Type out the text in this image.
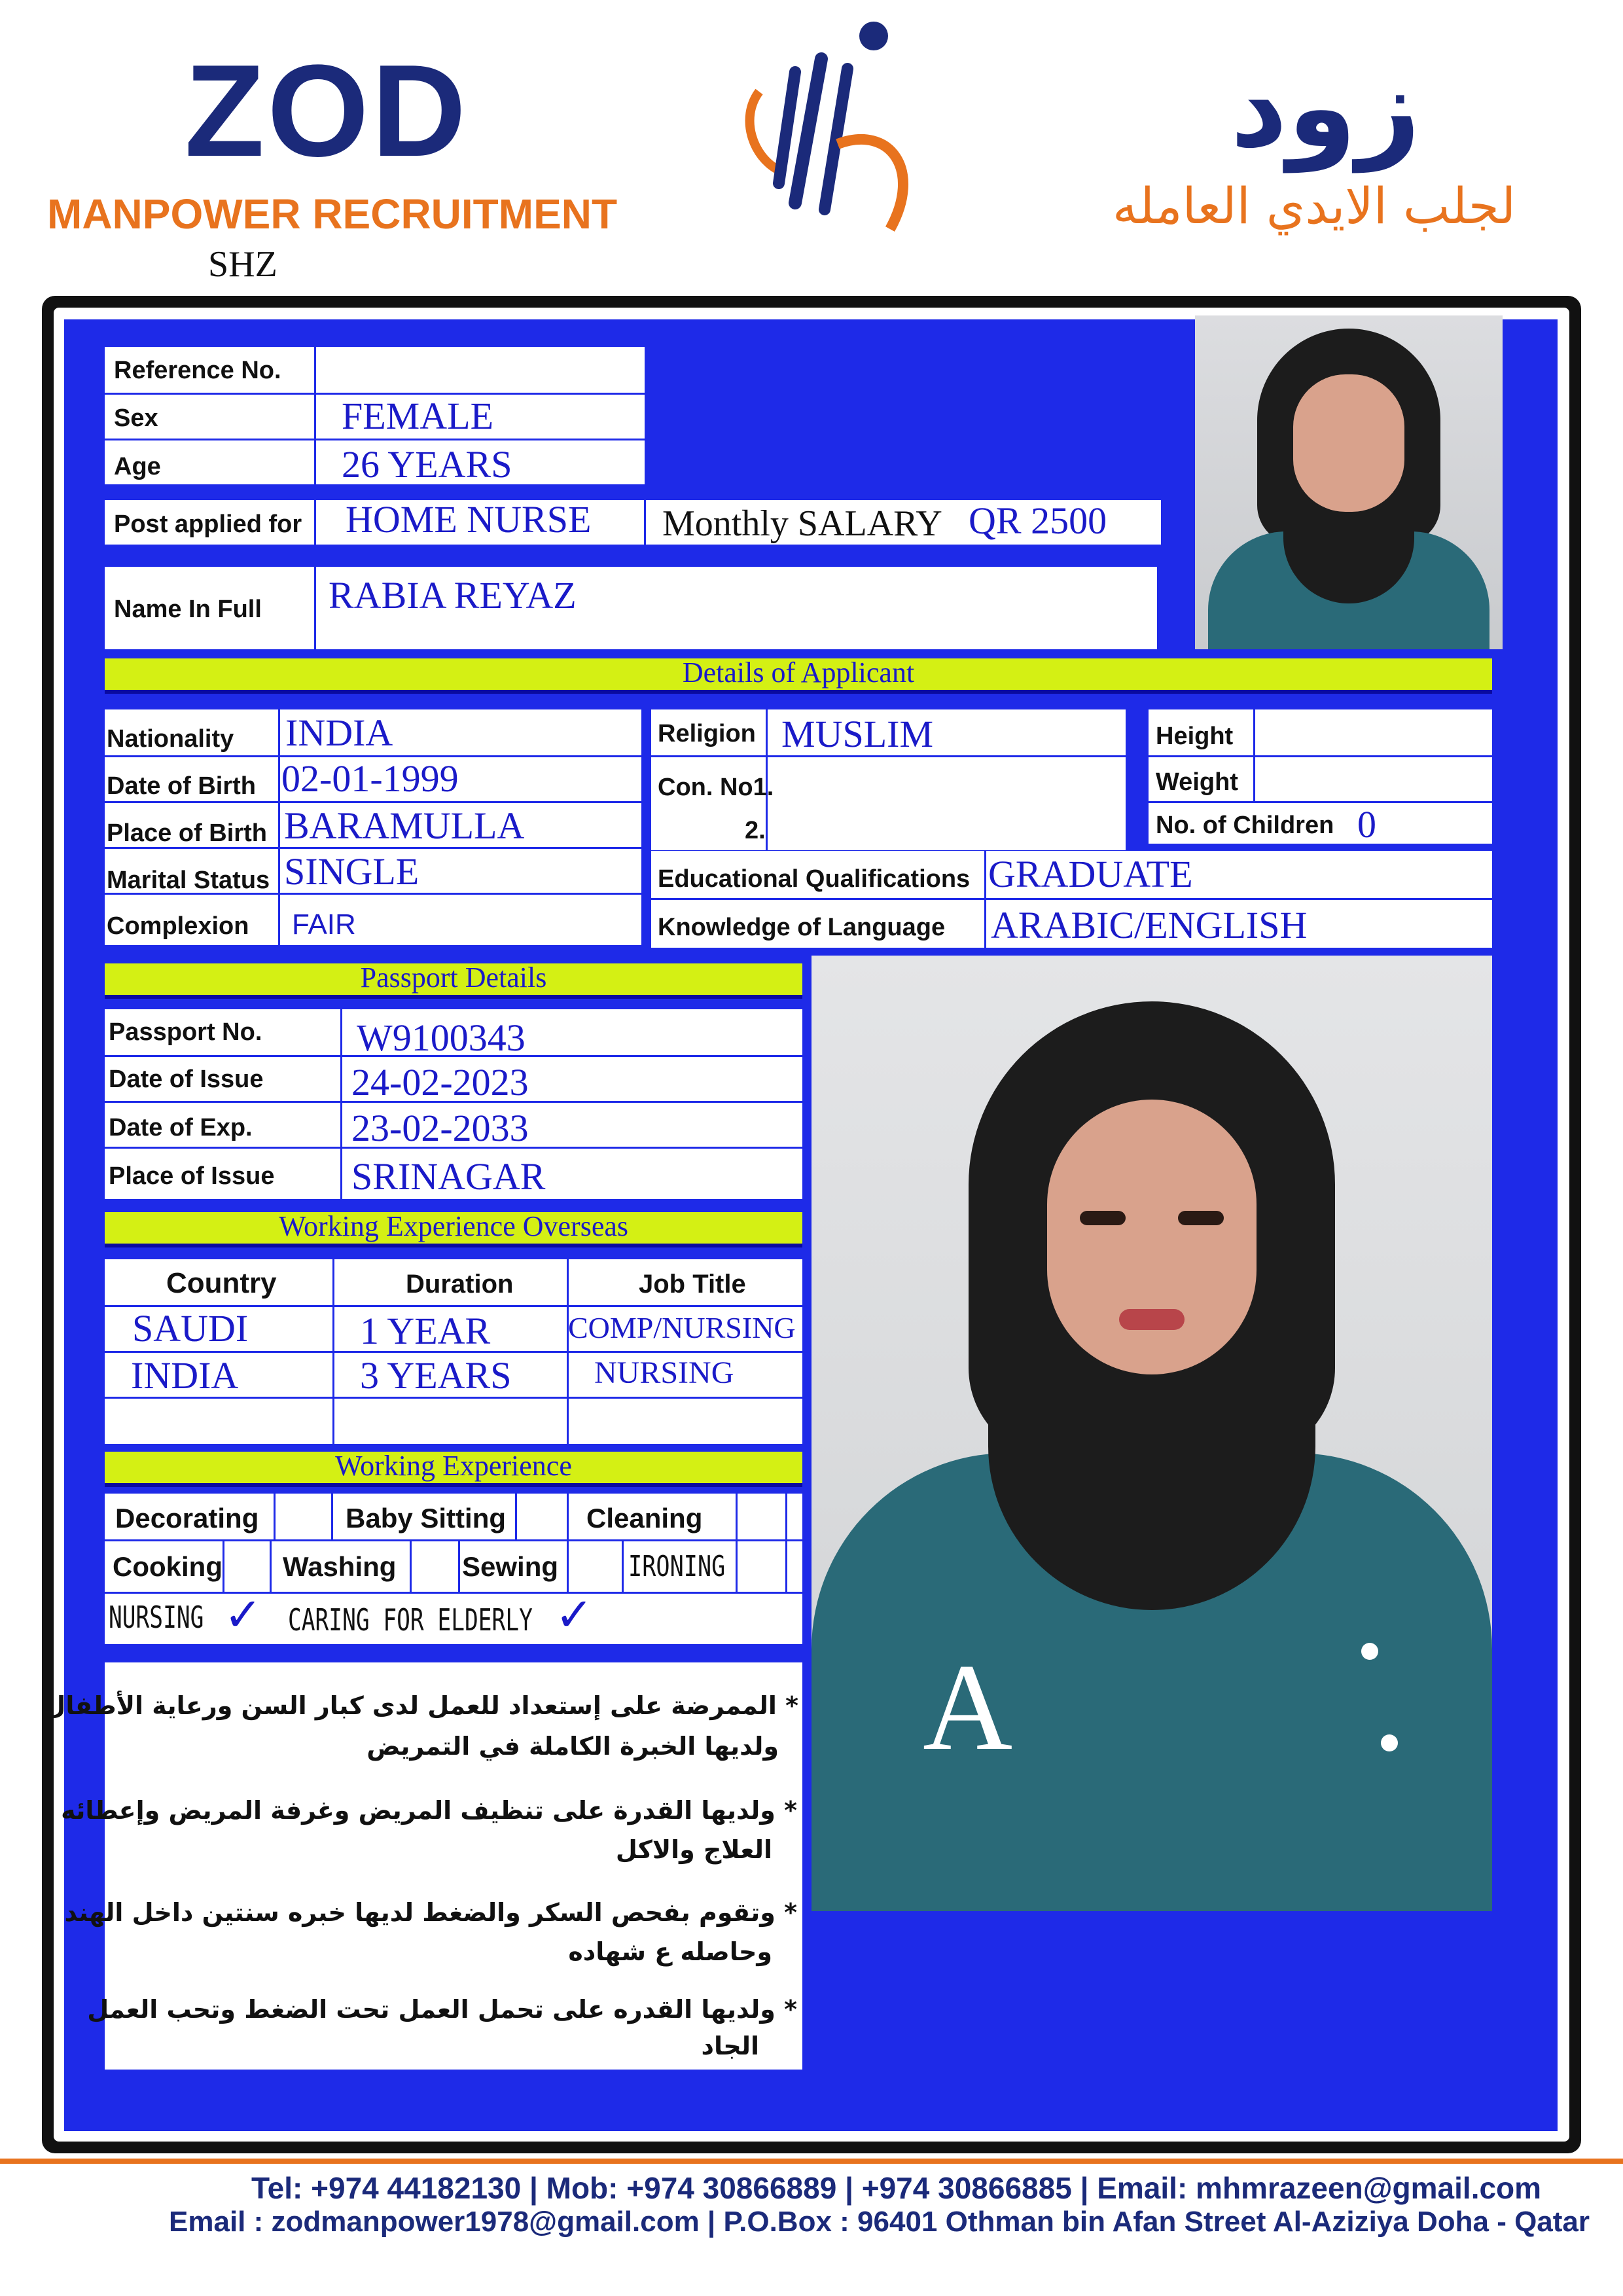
ZOD
MANPOWER RECRUITMENT
SHZ
زود
لجلب الايدي العامله
A
Reference No.
Sex	FEMALE
Age	26 YEARS
Post applied for HOME NURSE Monthly SALARY QR 2500
Name In Full RABIA REYAZ
Details of Applicant
Nationality INDIA
Date of Birth 02-01-1999
Place of Birth BARAMULLA
Marital Status SINGLE
Complexion FAIR
Religion MUSLIM
Con. No1.
2.
Height
Weight
No. of Children 0
Educational Qualifications GRADUATE
Knowledge of Language ARABIC/ENGLISH
Passport Details
Passport No. W9100343
Date of Issue 24-02-2023
Date of Exp.	23-02-2033
Place of Issue SRINAGAR
Working Experience Overseas
Country	Duration	Job Title
SAUDI	1 YEAR	COMP/NURSING
INDIA	3 YEARS	NURSING
Working Experience
Decorating	Baby Sitting	Cleaning
Cooking Washing Sewing IRONING
NURSING ✓ CARING FOR ELDERLY ✓
* الممرضة على إستعداد للعمل لدى كبار السن ورعاية الأطفال
ولديها الخبرة الكاملة في التمريض
* ولديها القدرة على تنظيف المريض وغرفة المريض وإعطائه
العلاج والاكل
* وتقوم بفحص السكر والضغط لديها خبره سنتين داخل الهند
وحاصله ع شهاده
* ولديها القدره على تحمل العمل تحت الضغط وتحب العمل
الجاد
Tel: +974 44182130 | Mob: +974 30866889 | +974 30866885 | Email: mhmrazeen@gmail.com
Email : zodmanpower1978@gmail.com | P.O.Box : 96401 Othman bin Afan Street Al-Aziziya Doha - Qatar
